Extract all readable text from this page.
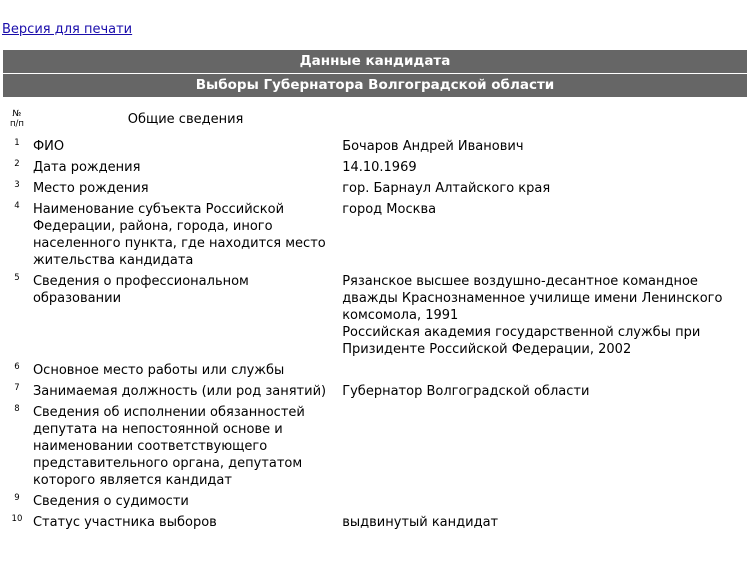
Версия для печати
Данные кандидата
Выборы Губернатора Волгоградской области
№
п/п	Общие сведения	
1	ФИО	Бочаров Андрей Иванович

2	Дата рождения	14.10.1969

3	Место рождения	гор. Барнаул Алтайского края

4	Наименование субъекта Российской Федерации, района, города, иного населенного пункта, где находится место жительства кандидата	город Москва

5	Сведения о профессиональном образовании	Рязанское высшее воздушно-десантное командное дважды Краснознаменное училище имени Ленинского комсомола, 1991
Российская академия государственной службы при Призиденте Российской Федерации, 2002

6	Основное место работы или службы	

7	Занимаемая должность (или род занятий)	Губернатор Волгоградской области

8	Сведения об исполнении обязанностей депутата на непостоянной основе и наименовании соответствующего представительного органа, депутатом которого является кандидат	

9	Сведения о судимости	

10	Статус участника выборов	выдвинутый кандидат
